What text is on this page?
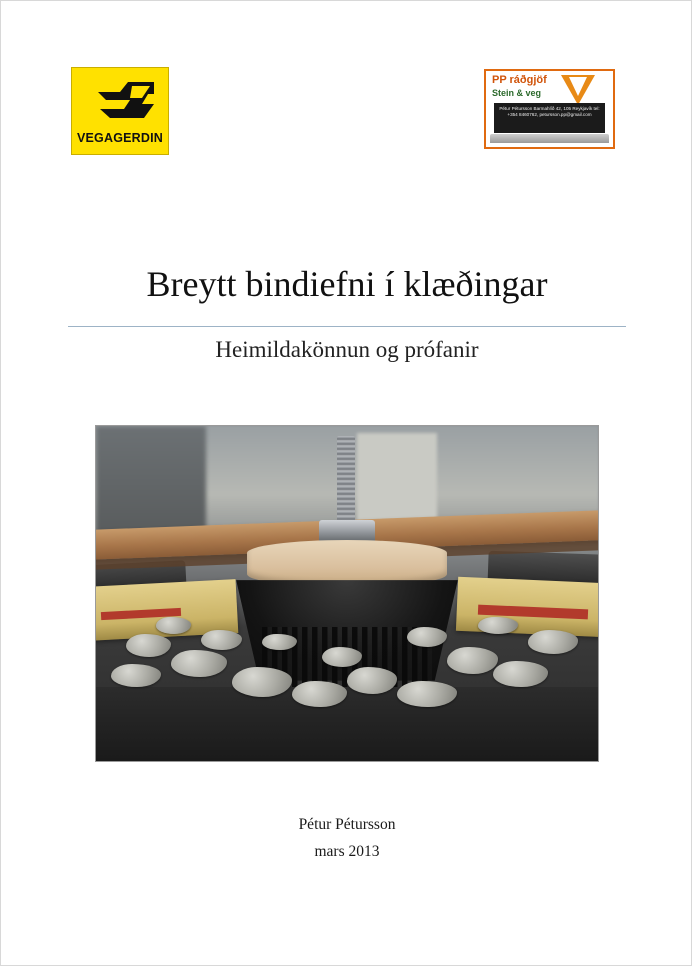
VEGAGERDIN
PP ráðgjöf
Stein & veg
Pétur Pétursson Barmahlíð 42, 105 Reykjavík tel: +354 8460762, petursson.pp@gmail.com
Breytt bindiefni í klæðingar
Heimildakönnun og prófanir
Pétur Pétursson
mars 2013
